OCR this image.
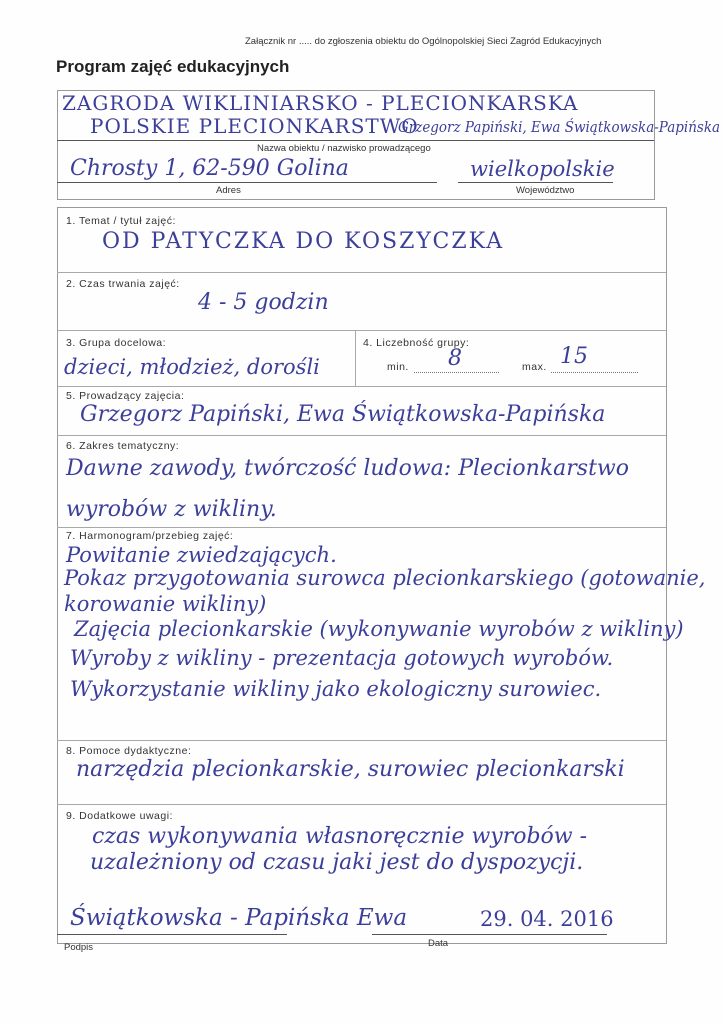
Załącznik nr ..... do zgłoszenia obiektu do Ogólnopolskiej Sieci Zagród Edukacyjnych
Program zajęć edukacyjnych
ZAGRODA WIKLINIARSKO - PLECIONKARSKA
POLSKIE PLECIONKARSTWO
Grzegorz Papiński, Ewa Świątkowska-Papińska
Nazwa obiektu / nazwisko prowadzącego
Chrosty 1, 62-590 Golina
Adres
wielkopolskie
Województwo
1. Temat / tytuł zajęć:
OD PATYCZKA DO KOSZYCZKA
2. Czas trwania zajęć:
4 - 5 godzin
3. Grupa docelowa:
dzieci, młodzież, dorośli
4. Liczebność grupy:
min. 8	max. 15
5. Prowadzący zajęcia:
Grzegorz Papiński, Ewa Świątkowska-Papińska
6. Zakres tematyczny:
Dawne zawody, twórczość ludowa: Plecionkarstwo
wyrobów z wikliny.
7. Harmonogram/przebieg zajęć:
Powitanie zwiedzających.
Pokaz przygotowania surowca plecionkarskiego (gotowanie,
korowanie wikliny)
Zajęcia plecionkarskie (wykonywanie wyrobów z wikliny)
Wyroby z wikliny - prezentacja gotowych wyrobów.
Wykorzystanie wikliny jako ekologiczny surowiec.
8. Pomoce dydaktyczne:
narzędzia plecionkarskie, surowiec plecionkarski
9. Dodatkowe uwagi:
czas wykonywania własnoręcznie wyrobów -
uzależniony od czasu jaki jest do dyspozycji.
Świątkowska - Papińska Ewa
Podpis
29. 04. 2016
Data
